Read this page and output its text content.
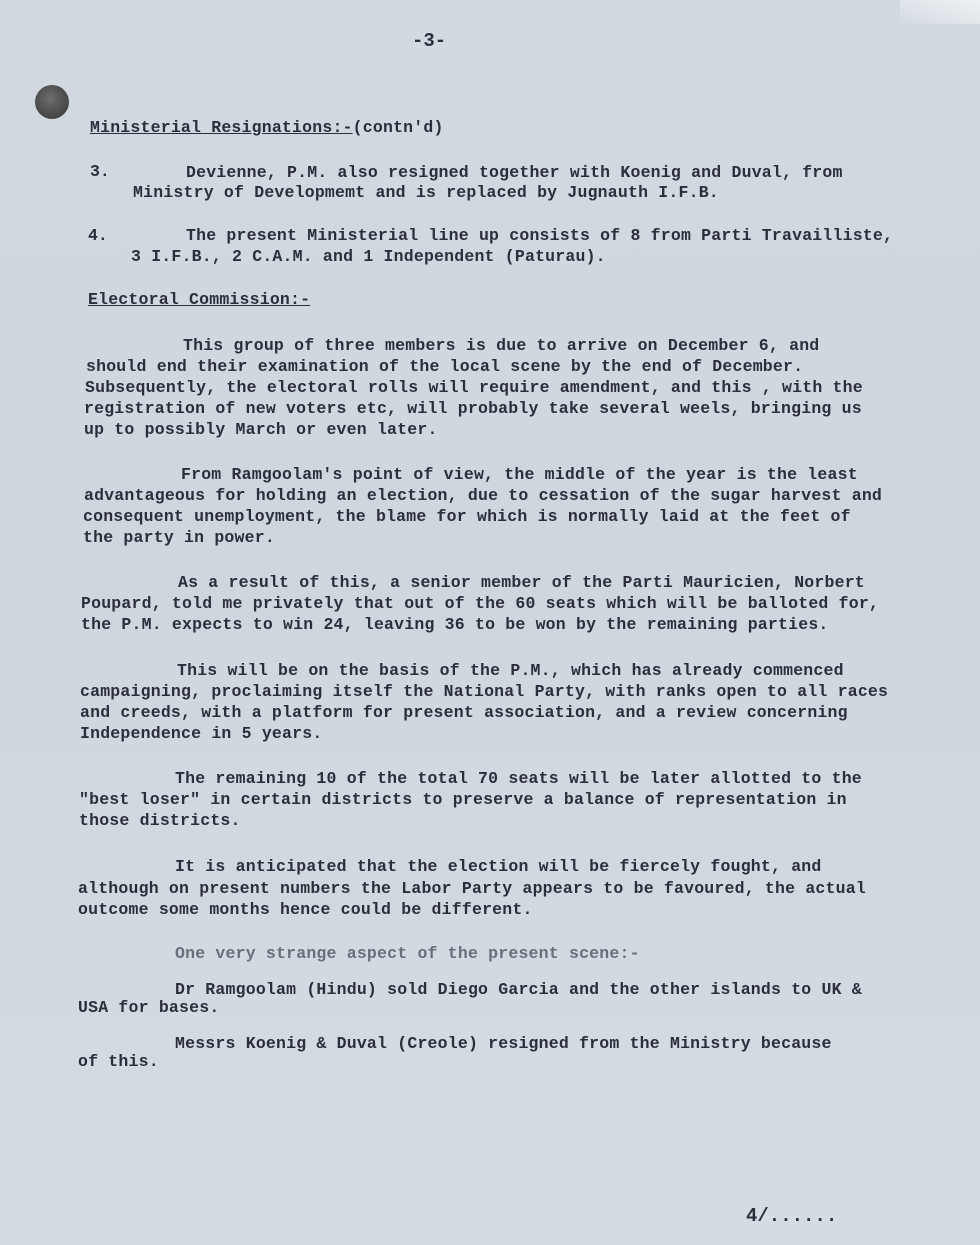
-3-
Ministerial Resignations:-(contn'd)
3.	Devienne, P.M. also resigned together with Koenig and Duval, from
Ministry of Developmemt and is replaced by Jugnauth I.F.B.
4.	The present Ministerial line up consists of 8 from Parti Travailliste,
3 I.F.B., 2 C.A.M. and 1 Independent (Paturau).
Electoral Commission:-
This group of three members is due to arrive on December 6, and
should end their examination of the local scene by the end of December.
Subsequently, the electoral rolls will require amendment, and this , with the
registration of new voters etc, will probably take several weels, bringing us
up to possibly March or even later.
From Ramgoolam's point of view, the middle of the year is the least
advantageous for holding an election, due to cessation of the sugar harvest and
consequent unemployment, the blame for which is normally laid at the feet of
the party in power.
As a result of this, a senior member of the Parti Mauricien, Norbert
Poupard, told me privately that out of the 60 seats which will be balloted for,
the P.M. expects to win 24, leaving 36 to be won by the remaining parties.
This will be on the basis of the P.M., which has already commenced
campaigning, proclaiming itself the National Party, with ranks open to all races
and creeds, with a platform for present association, and a review concerning
Independence in 5 years.
The remaining 10 of the total 70 seats will be later allotted to the
"best loser" in certain districts to preserve a balance of representation in
those districts.
It is anticipated that the election will be fiercely fought, and
although on present numbers the Labor Party appears to be favoured, the actual
outcome some months hence could be different.
One very strange aspect of the present scene:-
Dr Ramgoolam (Hindu) sold Diego Garcia and the other islands to UK &
USA for bases.
Messrs Koenig & Duval (Creole) resigned from the Ministry because
of this.
4/......
